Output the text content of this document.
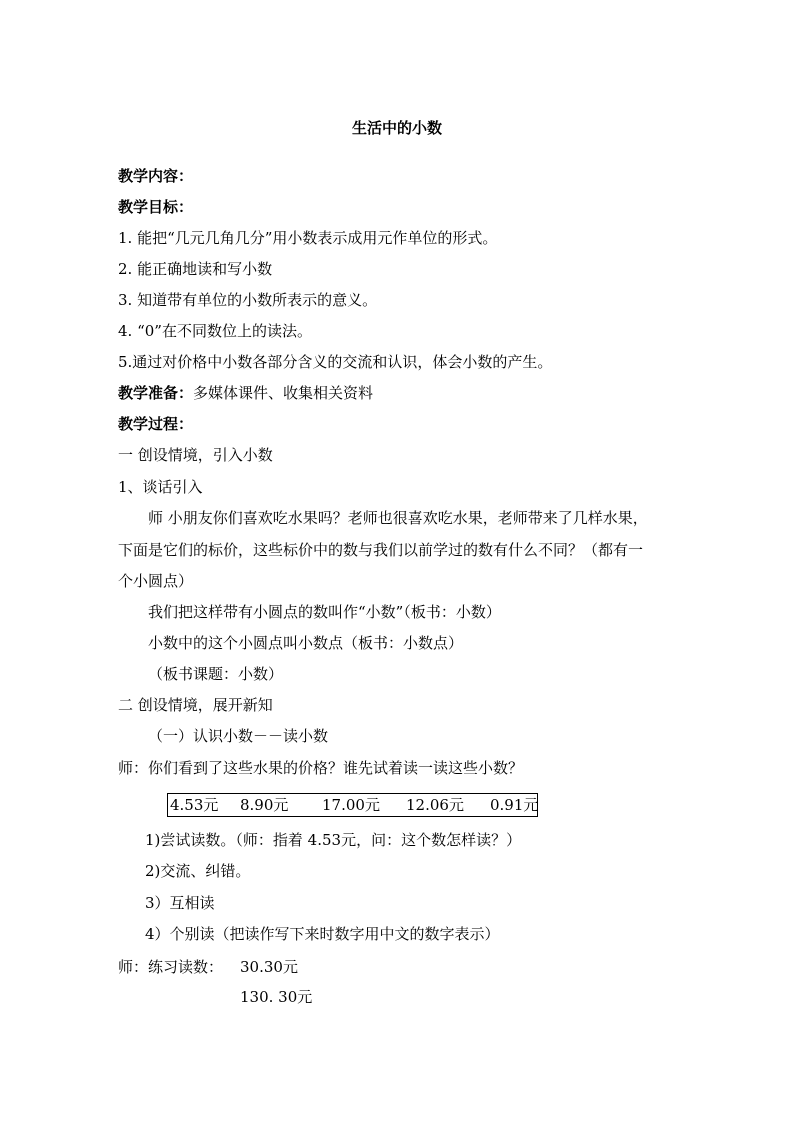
生活中的小数
教学内容：
教学目标：
1. 能把“几元几角几分”用小数表示成用元作单位的形式。
2. 能正确地读和写小数
3. 知道带有单位的小数所表示的意义。
4. “0”在不同数位上的读法。
5.通过对价格中小数各部分含义的交流和认识，体会小数的产生。
教学准备：多媒体课件、收集相关资料
教学过程：
一 创设情境，引入小数
1、谈话引入
师 小朋友你们喜欢吃水果吗？老师也很喜欢吃水果，老师带来了几样水果，
下面是它们的标价，这些标价中的数与我们以前学过的数有什么不同？（都有一
个小圆点）
我们把这样带有小圆点的数叫作“小数”（板书：小数）
小数中的这个小圆点叫小数点（板书：小数点）
（板书课题：小数）
二 创设情境，展开新知
（一）认识小数－－读小数
师：你们看到了这些水果的价格？谁先试着读一读这些小数？
4.53元 8.90元 17.00元 12.06元 0.91元
1)尝试读数。（师：指着 4.53元，问：这个数怎样读？）
2)交流、纠错。
3）互相读
4）个别读（把读作写下来时数字用中文的数字表示）
师：练习读数： 30.30元
130. 30元
